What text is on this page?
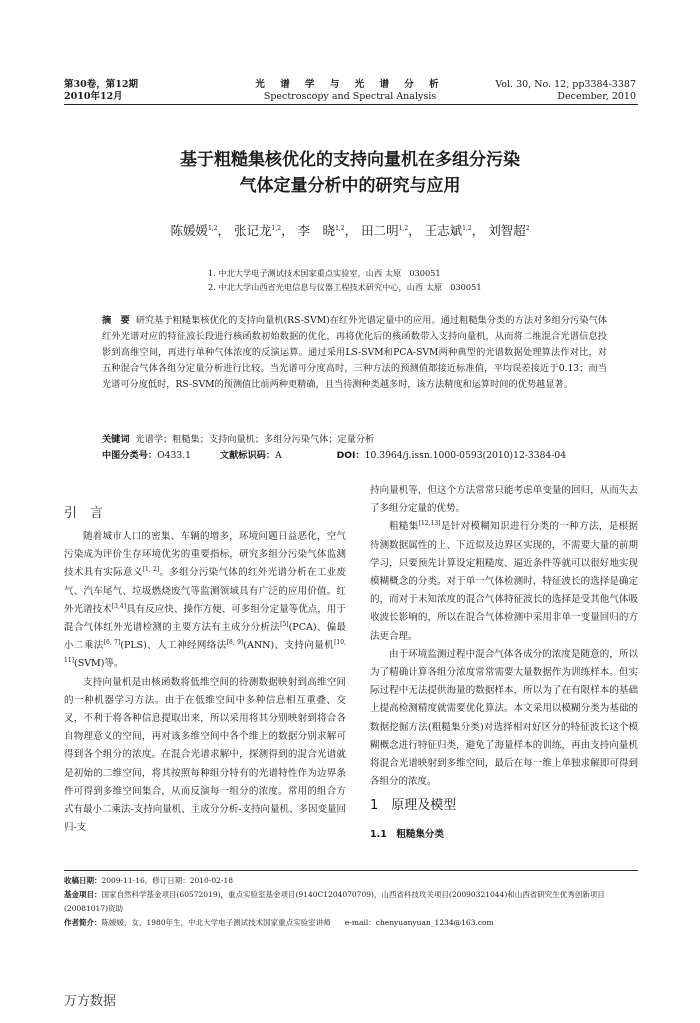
第30卷，第12期
2010年12月
光 谱 学 与 光 谱 分 析
Spectroscopy and Spectral Analysis
Vol. 30, No. 12, pp3384-3387
December, 2010
基于粗糙集核优化的支持向量机在多组分污染
气体定量分析中的研究与应用
陈媛媛$^{1,2}$， 张记龙$^{1,2}$， 李　晓$^{1,2}$， 田二明$^{1,2}$， 王志斌$^{1,2}$， 刘智超$^2$
1. 中北大学电子测试技术国家重点实验室，山西 太原　030051
2. 中北大学山西省光电信息与仪器工程技术研究中心，山西 太原　030051
摘　要 研究基于粗糙集核优化的支持向量机(RS-SVM)在红外光谱定量中的应用。通过粗糙集分类的方法对多组分污染气体红外光谱对应的特征波长段进行核函数初始数据的优化，再将优化后的核函数带入支持向量机，从而将二维混合光谱信息投影到高维空间，再进行单种气体浓度的反演运算。通过采用LS-SVM和PCA-SVM两种典型的光谱数据处理算法作对比，对五种混合气体各组分定量分析进行比较。当光谱可分度高时，三种方法的预测值都接近标准值，平均误差接近于0.13；而当光谱可分度低时，RS-SVM的预测值比前两种更精确，且当待测种类越多时，该方法精度和运算时间的优势越显著。
关键词 光谱学；粗糙集；支持向量机；多组分污染气体；定量分析
中图分类号：O433.1	文献标识码：A	DOI：10.3964/j.issn.1000-0593(2010)12-3384-04
引　言

随着城市人口的密集、车辆的增多，环境问题日益恶化，空气污染成为评价生存环境优劣的重要指标，研究多组分污染气体监测技术具有实际意义[1, 2]。多组分污染气体的红外光谱分析在工业废气、汽车尾气、垃圾燃烧废气等监测领域具有广泛的应用价值。红外光谱技术[3,4]具有反应快、操作方便、可多组分定量等优点，用于混合气体红外光谱检测的主要方法有主成分分析法[5](PCA)、偏最小二乘法[6, 7](PLS)、人工神经网络法[8, 9](ANN)、支持向量机[10, 11](SVM)等。

支持向量机是由核函数将低维空间的待测数据映射到高维空间的一种机器学习方法。由于在低维空间中多种信息相互重叠、交叉，不利于将各种信息提取出来，所以采用将其分别映射到将合各自物理意义的空间，再对该多维空间中各个维上的数据分别求解可得到各个组分的浓度。在混合光谱求解中，探测得到的混合光谱就是初始的二维空间，将其按照每种组分特有的光谱特性作为边界条件可得到多维空间集合，从而反演每一组分的浓度。常用的组合方式有最小二乘法-支持向量机、主成分分析-支持向量机、多因变量回归-支

持向量机等，但这个方法常常只能考虑单变量的回归，从而失去了多组分定量的优势。

粗糙集[12,13]是针对模糊知识进行分类的一种方法，是根据待测数据属性的上、下近似及边界区实现的，不需要大量的前期学习，只要预先计算设定粗糙度、逼近条件等就可以很好地实现模糊概念的分类。对于单一气体检测时，特征波长的选择是确定的，而对于未知浓度的混合气体特征波长的选择是受其他气体吸收波长影响的，所以在混合气体检测中采用非单一变量回归的方法更合理。

由于环境监测过程中混合气体各成分的浓度是随意的，所以为了精确计算各组分浓度常常需要大量数据作为训练样本。但实际过程中无法提供海量的数据样本，所以为了在有限样本的基础上提高检测精度就需要优化算法。本文采用以模糊分类为基础的数据挖掘方法(粗糙集分类)对选择相对好区分的特征波长这个模糊概念进行特征归类，避免了海量样本的训练，再由支持向量机将混合光谱映射到多维空间，最后在每一维上单独求解即可得到各组分的浓度。

1　原理及模型
1.1　粗糙集分类
收稿日期：2009-11-16，修订日期：2010-02-18
基金项目：国家自然科学基金项目(60572019)，重点实验室基金项目(9140C1204070709)，山西省科技攻关项目(20090321044)和山西省研究生优秀创新项目(20081017)资助
作者简介：陈媛媛，女，1980年生，中北大学电子测试技术国家重点实验室讲师 e-mail：chenyuanyuan_1234@163.com
万方数据
